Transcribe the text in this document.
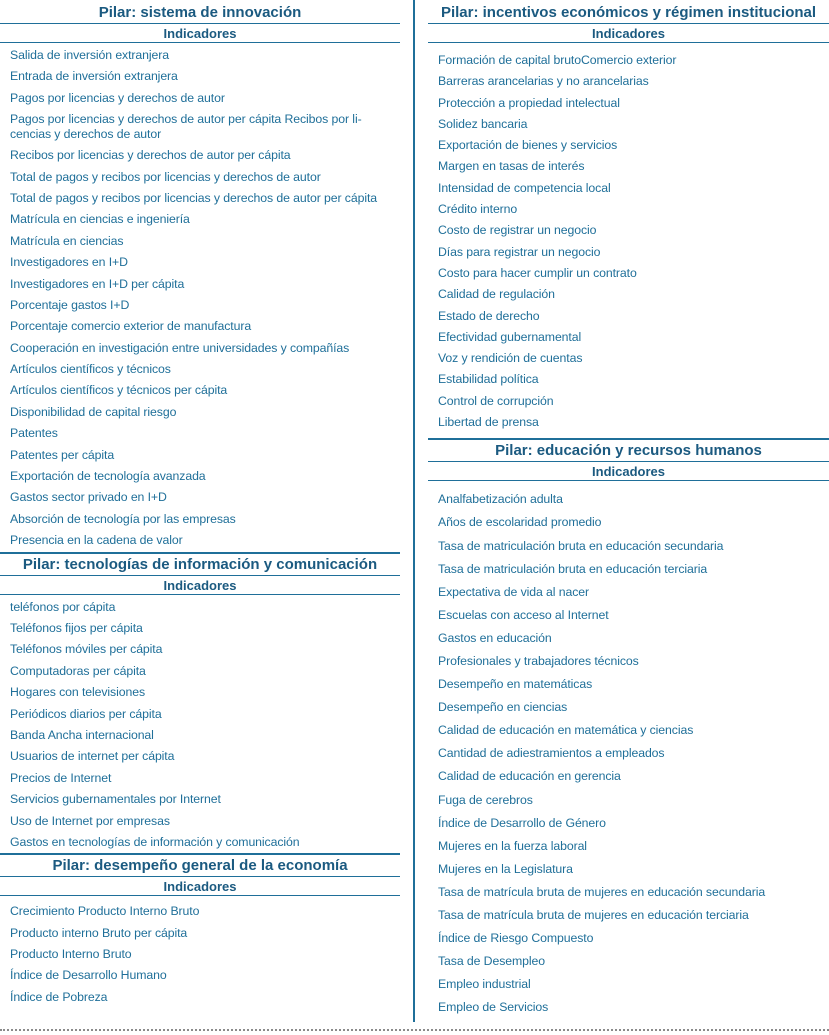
Pilar: sistema de innovación
Indicadores
Salida de inversión extranjera
Entrada de inversión extranjera
Pagos por licencias y derechos de autor
Pagos por licencias y derechos de autor per cápita Recibos por li-cencias y derechos de autor
Recibos por licencias y derechos de autor per cápita
Total de pagos y recibos por licencias y derechos de autor
Total de pagos y recibos por licencias y derechos de autor per cápita
Matrícula en ciencias e ingeniería
Matrícula en ciencias
Investigadores en I+D
Investigadores en I+D per cápita
Porcentaje gastos I+D
Porcentaje comercio exterior de manufactura
Cooperación en investigación entre universidades y compañías
Artículos científicos y técnicos
Artículos científicos y técnicos per cápita
Disponibilidad de capital riesgo
Patentes
Patentes per cápita
Exportación de tecnología avanzada
Gastos sector privado en I+D
Absorción de tecnología por las empresas
Presencia en la cadena de valor
Pilar: tecnologías de información y comunicación
Indicadores
teléfonos por cápita
Teléfonos fijos per cápita
Teléfonos móviles per cápita
Computadoras per cápita
Hogares con televisiones
Periódicos diarios per cápita
Banda Ancha internacional
Usuarios de internet per cápita
Precios de Internet
Servicios gubernamentales por Internet
Uso de Internet por empresas
Gastos en tecnologías de información y comunicación
Pilar: desempeño general de la economía
Indicadores
Crecimiento Producto Interno Bruto
Producto interno Bruto per cápita
Producto Interno Bruto
Índice de Desarrollo Humano
Índice de Pobreza
Pilar: incentivos económicos y régimen institucional
Indicadores
Formación de capital brutoComercio exterior
Barreras arancelarias y no arancelarias
Protección a propiedad intelectual
Solidez bancaria
Exportación de bienes y servicios
Margen en tasas de interés
Intensidad de competencia local
Crédito interno
Costo de registrar un negocio
Días para registrar un negocio
Costo para hacer cumplir un contrato
Calidad de regulación
Estado de derecho
Efectividad gubernamental
Voz y rendición de cuentas
Estabilidad política
Control de corrupción
Libertad de prensa
Pilar: educación y recursos humanos
Indicadores
Analfabetización adulta
Años de escolaridad promedio
Tasa de matriculación bruta en educación secundaria
Tasa de matriculación bruta en educación terciaria
Expectativa de vida al nacer
Escuelas con acceso al Internet
Gastos en educación
Profesionales y trabajadores técnicos
Desempeño en matemáticas
Desempeño en ciencias
Calidad de educación en matemática y ciencias
Cantidad de adiestramientos a empleados
Calidad de educación en gerencia
Fuga de cerebros
Índice de Desarrollo de Género
Mujeres en la fuerza laboral
Mujeres en la Legislatura
Tasa de matrícula bruta de mujeres en educación secundaria
Tasa de matrícula bruta de mujeres en educación terciaria
Índice de Riesgo Compuesto
Tasa de Desempleo
Empleo industrial
Empleo de Servicios
